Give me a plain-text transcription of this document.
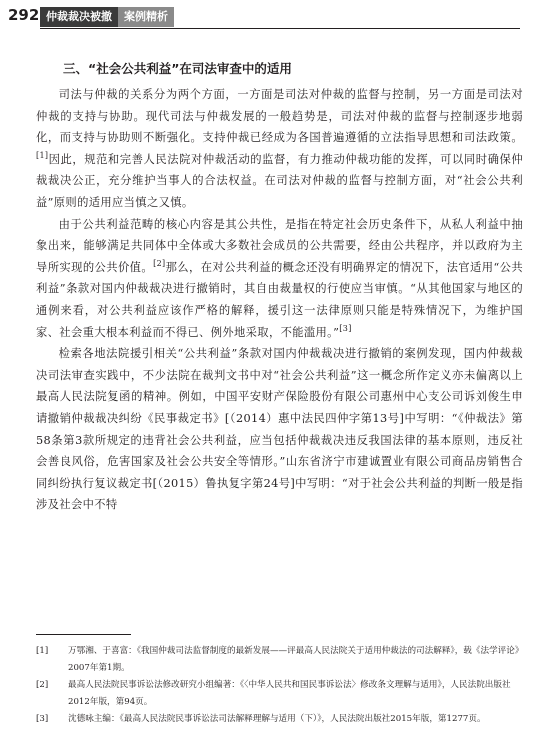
292 仲裁裁决被撤	案例精析
三、“社会公共利益”在司法审查中的适用

司法与仲裁的关系分为两个方面，一方面是司法对仲裁的监督与控制，另一方面是司法对仲裁的支持与协助。现代司法与仲裁发展的一般趋势是，司法对仲裁的监督与控制逐步地弱化，而支持与协助则不断强化。支持仲裁已经成为各国普遍遵循的立法指导思想和司法政策。[1]因此，规范和完善人民法院对仲裁活动的监督，有力推动仲裁功能的发挥，可以同时确保仲裁裁决公正，充分维护当事人的合法权益。在司法对仲裁的监督与控制方面，对“社会公共利益”原则的适用应当慎之又慎。

由于公共利益范畴的核心内容是其公共性，是指在特定社会历史条件下，从私人利益中抽象出来，能够满足共同体中全体或大多数社会成员的公共需要，经由公共程序，并以政府为主导所实现的公共价值。[2]那么，在对公共利益的概念还没有明确界定的情况下，法官适用“公共利益”条款对国内仲裁裁决进行撤销时，其自由裁量权的行使应当审慎。“从其他国家与地区的通例来看，对公共利益应该作严格的解释，援引这一法律原则只能是特殊情况下，为维护国家、社会重大根本利益而不得已、例外地采取，不能滥用。”[3]

检索各地法院援引相关“公共利益”条款对国内仲裁裁决进行撤销的案例发现，国内仲裁裁决司法审查实践中，不少法院在裁判文书中对“社会公共利益”这一概念所作定义亦未偏离以上最高人民法院复函的精神。例如，中国平安财产保险股份有限公司惠州中心支公司诉刘俊生申请撤销仲裁裁决纠纷《民事裁定书》[（2014）惠中法民四仲字第13号]中写明：“《仲裁法》第58条第3款所规定的违背社会公共利益，应当包括仲裁裁决违反我国法律的基本原则，违反社会善良风俗，危害国家及社会公共安全等情形。”山东省济宁市建诚置业有限公司商品房销售合同纠纷执行复议裁定书[（2015）鲁执复字第24号]中写明：“对于社会公共利益的判断一般是指涉及社会中不特

[1]	万鄂湘、于喜富：《我国仲裁司法监督制度的最新发展——评最高人民法院关于适用仲裁法的司法解释》，载《法学评论》2007年第1期。
[2]	最高人民法院民事诉讼法修改研究小组编著：《〈中华人民共和国民事诉讼法〉修改条文理解与适用》，人民法院出版社2012年版，第94页。
[3]	沈德咏主编：《最高人民法院民事诉讼法司法解释理解与适用（下）》，人民法院出版社2015年版，第1277页。
